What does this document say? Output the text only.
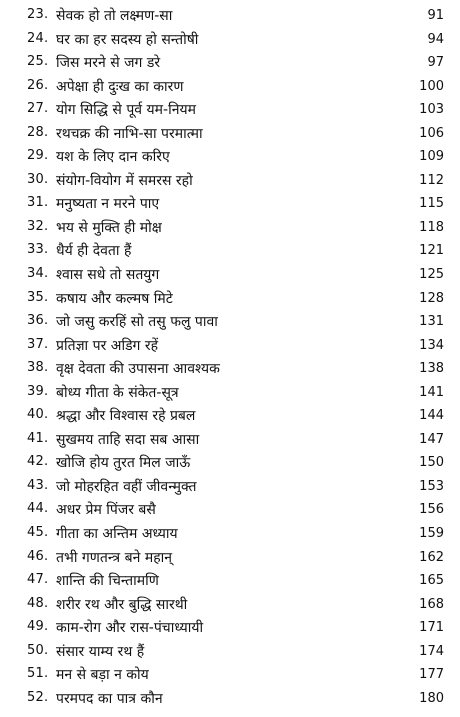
23. सेवक हो तो लक्ष्मण-सा	91
24. घर का हर सदस्य हो सन्तोषी	94
25. जिस मरने से जग डरे	97
26. अपेक्षा ही दुःख का कारण	100
27. योग सिद्धि से पूर्व यम-नियम	103
28. रथचक्र की नाभि-सा परमात्मा	106
29. यश के लिए दान करिए	109
30. संयोग-वियोग में समरस रहो	112
31. मनुष्यता न मरने पाए	115
32. भय से मुक्ति ही मोक्ष	118
33. धैर्य ही देवता हैं	121
34. श्वास सधे तो सतयुग	125
35. कषाय और कल्मष मिटे	128
36. जो जसु करहिं सो तसु फलु पावा	131
37. प्रतिज्ञा पर अडिग रहें	134
38. वृक्ष देवता की उपासना आवश्यक	138
39. बोध्य गीता के संकेत-सूत्र	141
40. श्रद्धा और विश्वास रहे प्रबल	144
41. सुखमय ताहि सदा सब आसा	147
42. खोजि होय तुरत मिल जाऊँ	150
43. जो मोहरहित वहीं जीवन्मुक्त	153
44. अधर प्रेम पिंजर बसै	156
45. गीता का अन्तिम अध्याय	159
46. तभी गणतन्त्र बने महान्	162
47. शान्ति की चिन्तामणि	165
48. शरीर रथ और बुद्धि सारथी	168
49. काम-रोग और रास-पंचाध्यायी	171
50. संसार याम्य रथ हैं	174
51. मन से बड़ा न कोय	177
52. परमपद का पात्र कौन	180
